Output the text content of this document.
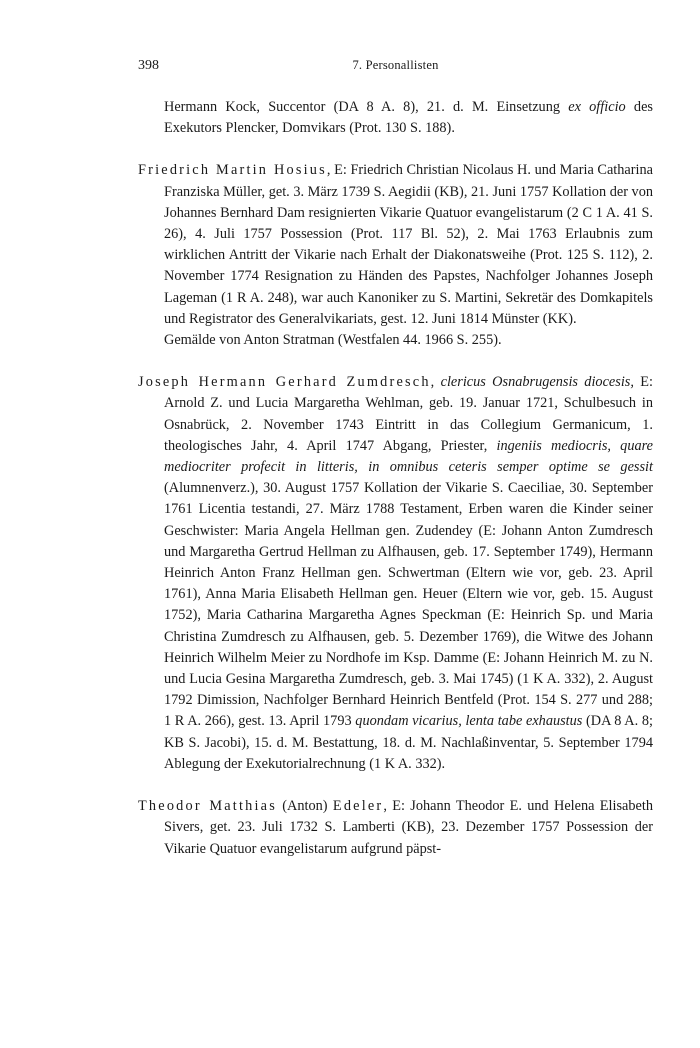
398	7. Personallisten
Hermann Kock, Succentor (DA 8 A. 8), 21. d. M. Einsetzung ex officio des Exekutors Plencker, Domvikars (Prot. 130 S. 188).

Friedrich Martin Hosius, E: Friedrich Christian Nicolaus H. und Maria Catharina Franziska Müller, get. 3. März 1739 S. Aegidii (KB), 21. Juni 1757 Kollation der von Johannes Bernhard Dam resignierten Vikarie Quatuor evangelistarum (2 C 1 A. 41 S. 26), 4. Juli 1757 Possession (Prot. 117 Bl. 52), 2. Mai 1763 Erlaubnis zum wirklichen Antritt der Vikarie nach Erhalt der Diakonatsweihe (Prot. 125 S. 112), 2. November 1774 Resignation zu Händen des Papstes, Nachfolger Johannes Joseph Lageman (1 R A. 248), war auch Kanoniker zu S. Martini, Sekretär des Domkapitels und Registrator des Generalvikariats, gest. 12. Juni 1814 Münster (KK).

Gemälde von Anton Stratman (Westfalen 44. 1966 S. 255).

Joseph Hermann Gerhard Zumdresch, clericus Osnabrugensis diocesis, E: Arnold Z. und Lucia Margaretha Wehlman, geb. 19. Januar 1721, Schulbesuch in Osnabrück, 2. November 1743 Eintritt in das Collegium Germanicum, 1. theologisches Jahr, 4. April 1747 Abgang, Priester, ingeniis mediocris, quare mediocriter profecit in litteris, in omnibus ceteris semper optime se gessit (Alumnenverz.), 30. August 1757 Kollation der Vikarie S. Caeciliae, 30. September 1761 Licentia testandi, 27. März 1788 Testament, Erben waren die Kinder seiner Geschwister: Maria Angela Hellman gen. Zudendey (E: Johann Anton Zumdresch und Margaretha Gertrud Hellman zu Alfhausen, geb. 17. September 1749), Hermann Heinrich Anton Franz Hellman gen. Schwertman (Eltern wie vor, geb. 23. April 1761), Anna Maria Elisabeth Hellman gen. Heuer (Eltern wie vor, geb. 15. August 1752), Maria Catharina Margaretha Agnes Speckman (E: Heinrich Sp. und Maria Christina Zumdresch zu Alfhausen, geb. 5. Dezember 1769), die Witwe des Johann Heinrich Wilhelm Meier zu Nordhofe im Ksp. Damme (E: Johann Heinrich M. zu N. und Lucia Gesina Margaretha Zumdresch, geb. 3. Mai 1745) (1 K A. 332), 2. August 1792 Dimission, Nachfolger Bernhard Heinrich Bentfeld (Prot. 154 S. 277 und 288; 1 R A. 266), gest. 13. April 1793 quondam vicarius, lenta tabe exhaustus (DA 8 A. 8; KB S. Jacobi), 15. d. M. Bestattung, 18. d. M. Nachlaßinventar, 5. September 1794 Ablegung der Exekutorialrechnung (1 K A. 332).

Theodor Matthias (Anton) Edeler, E: Johann Theodor E. und Helena Elisabeth Sivers, get. 23. Juli 1732 S. Lamberti (KB), 23. Dezember 1757 Possession der Vikarie Quatuor evangelistarum aufgrund päpst-
